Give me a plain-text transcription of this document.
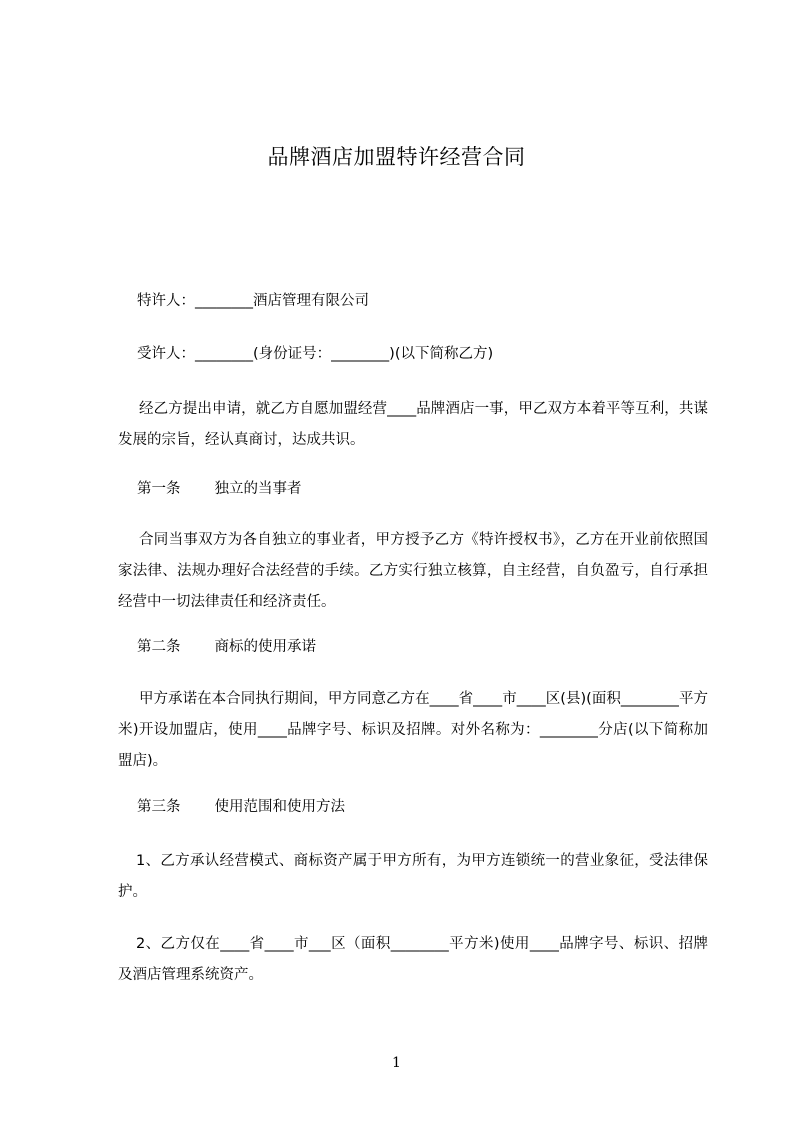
品牌酒店加盟特许经营合同
特许人：________酒店管理有限公司
受许人：________(身份证号：________)(以下简称乙方)
经乙方提出申请，就乙方自愿加盟经营____品牌酒店一事，甲乙双方本着平等互利，共谋发展的宗旨，经认真商讨，达成共识。
第一条 独立的当事者
合同当事双方为各自独立的事业者，甲方授予乙方《特许授权书》，乙方在开业前依照国家法律、法规办理好合法经营的手续。乙方实行独立核算，自主经营，自负盈亏，自行承担经营中一切法律责任和经济责任。
第二条 商标的使用承诺
甲方承诺在本合同执行期间，甲方同意乙方在____省____市____区(县)(面积________平方米)开设加盟店，使用____品牌字号、标识及招牌。对外名称为：________分店(以下简称加盟店)。
第三条 使用范围和使用方法
1、乙方承认经营模式、商标资产属于甲方所有，为甲方连锁统一的营业象征，受法律保护。
2、乙方仅在____省____市___区（面积________平方米)使用____品牌字号、标识、招牌及酒店管理系统资产。
1
